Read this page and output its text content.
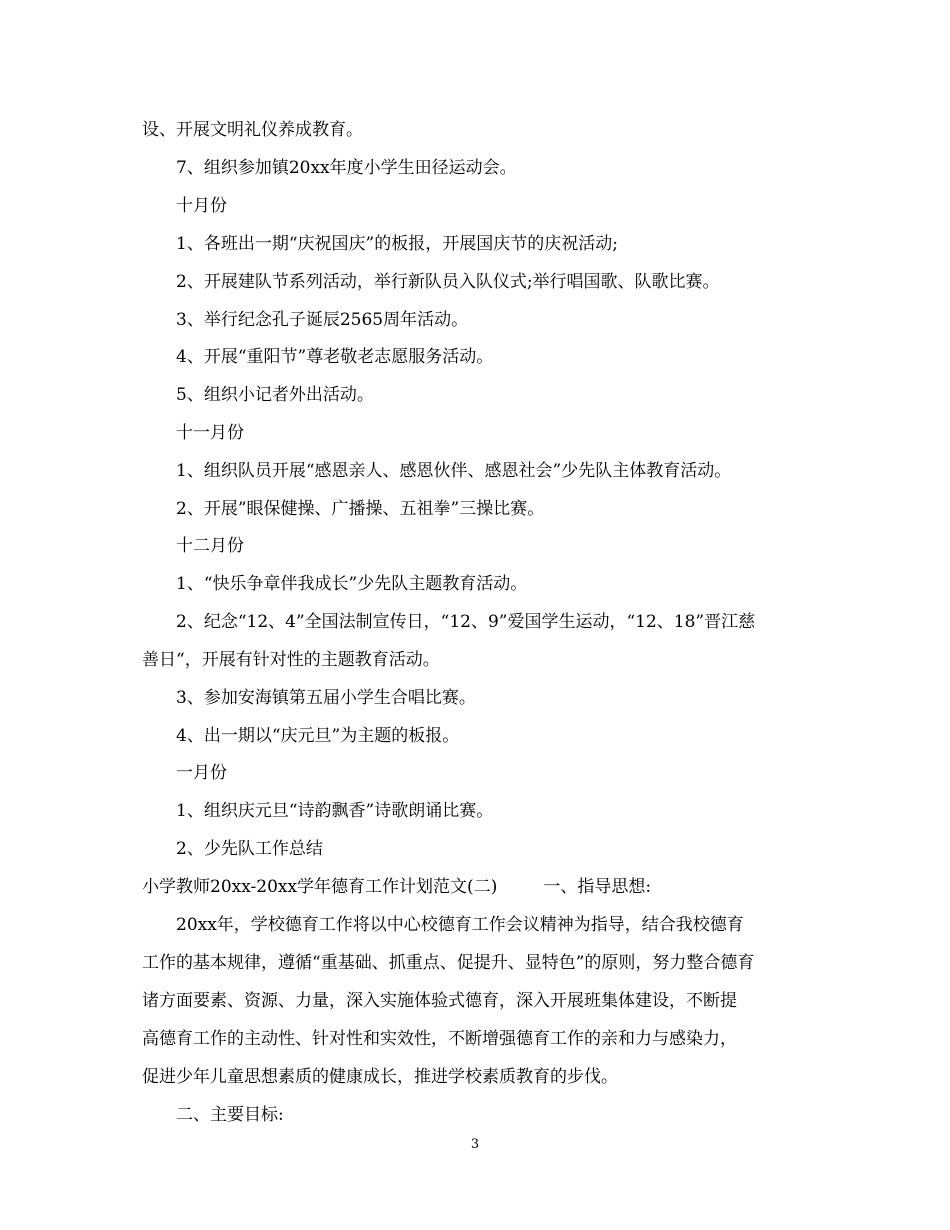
设、开展文明礼仪养成教育。
7、组织参加镇20xx年度小学生田径运动会。
十月份
1、各班出一期“庆祝国庆”的板报，开展国庆节的庆祝活动;
2、开展建队节系列活动，举行新队员入队仪式;举行唱国歌、队歌比赛。
3、举行纪念孔子诞辰2565周年活动。
4、开展“重阳节”尊老敬老志愿服务活动。
5、组织小记者外出活动。
十一月份
1、组织队员开展“感恩亲人、感恩伙伴、感恩社会”少先队主体教育活动。
2、开展”眼保健操、广播操、五祖拳”三操比赛。
十二月份
1、“快乐争章伴我成长”少先队主题教育活动。
2、纪念“12、4”全国法制宣传日，“12、9”爱国学生运动，“12、18”晋江慈
善日“，开展有针对性的主题教育活动。
3、参加安海镇第五届小学生合唱比赛。
4、出一期以“庆元旦”为主题的板报。
一月份
1、组织庆元旦“诗韵飘香”诗歌朗诵比赛。
2、少先队工作总结
小学教师20xx-20xx学年德育工作计划范文(二)	一、指导思想:
20xx年，学校德育工作将以中心校德育工作会议精神为指导，结合我校德育
工作的基本规律，遵循“重基础、抓重点、促提升、显特色”的原则，努力整合德育
诸方面要素、资源、力量，深入实施体验式德育，深入开展班集体建设，不断提
高德育工作的主动性、针对性和实效性，不断增强德育工作的亲和力与感染力，
促进少年儿童思想素质的健康成长，推进学校素质教育的步伐。
二、主要目标:
3
